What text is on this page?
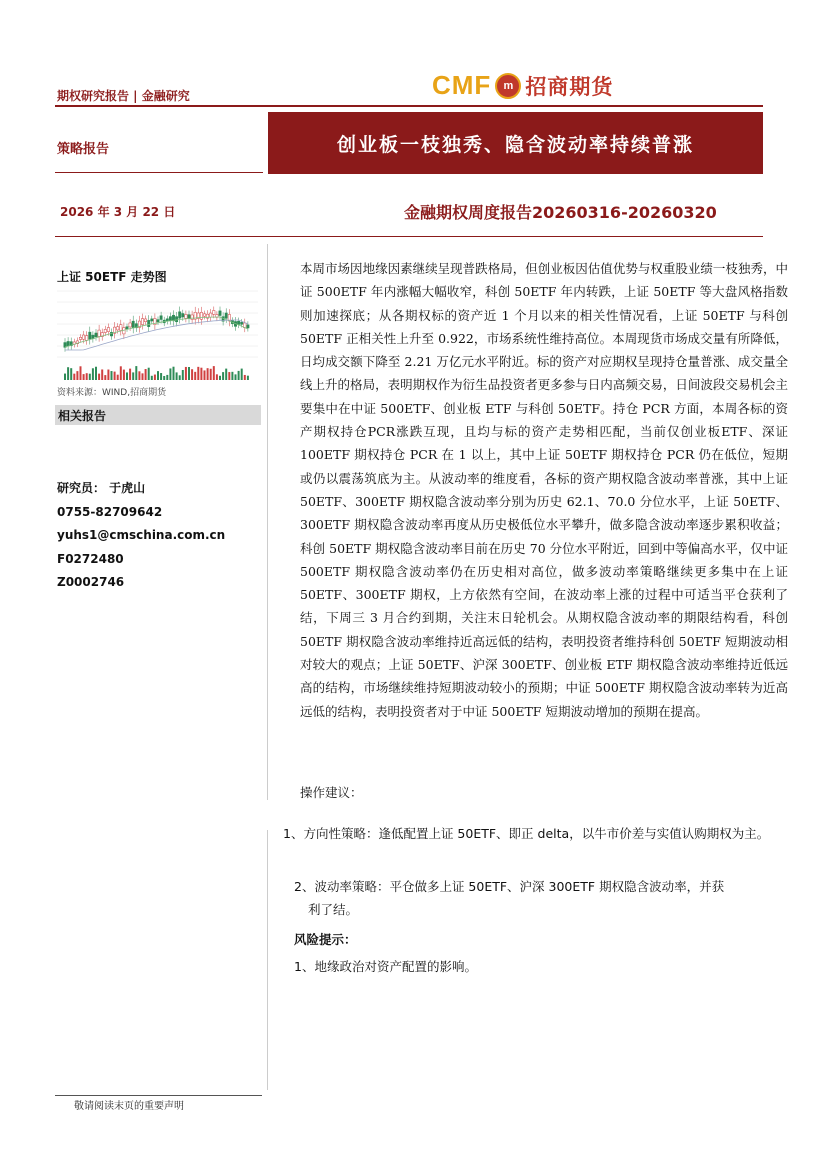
期权研究报告 | 金融研究	CMF	m 招商期货
策略报告	创业板一枝独秀、隐含波动率持续普涨
2026 年 3 月 22 日	金融期权周度报告20260316-20260320
上证 50ETF 走势图
资料来源：WIND,招商期货
相关报告
研究员： 于虎山
0755-82709642
yuhs1@cmschina.com.cn
F0272480
Z0002746
本周市场因地缘因素继续呈现普跌格局，但创业板因估值优势与权重股业绩一枝独秀，中证 500ETF 年内涨幅大幅收窄，科创 50ETF 年内转跌，上证 50ETF 等大盘风格指数则加速探底；从各期权标的资产近 1 个月以来的相关性情况看，上证 50ETF 与科创 50ETF 正相关性上升至 0.922，市场系统性维持高位。本周现货市场成交量有所降低，日均成交额下降至 2.21 万亿元水平附近。标的资产对应期权呈现持仓量普涨、成交量全线上升的格局，表明期权作为衍生品投资者更多参与日内高频交易，日间波段交易机会主要集中在中证 500ETF、创业板 ETF 与科创 50ETF。持仓 PCR 方面，本周各标的资产期权持仓PCR涨跌互现，且均与标的资产走势相匹配，当前仅创业板ETF、深证100ETF 期权持仓 PCR 在 1 以上，其中上证 50ETF 期权持仓 PCR 仍在低位，短期或仍以震荡筑底为主。从波动率的维度看，各标的资产期权隐含波动率普涨，其中上证 50ETF、300ETF 期权隐含波动率分别为历史 62.1、70.0 分位水平，上证 50ETF、300ETF 期权隐含波动率再度从历史极低位水平攀升，做多隐含波动率逐步累积收益；科创 50ETF 期权隐含波动率目前在历史 70 分位水平附近，回到中等偏高水平，仅中证 500ETF 期权隐含波动率仍在历史相对高位，做多波动率策略继续更多集中在上证 50ETF、300ETF 期权，上方依然有空间，在波动率上涨的过程中可适当平仓获利了结，下周三 3 月合约到期，关注末日轮机会。从期权隐含波动率的期限结构看，科创 50ETF 期权隐含波动率维持近高远低的结构，表明投资者维持科创 50ETF 短期波动相对较大的观点；上证 50ETF、沪深 300ETF、创业板 ETF 期权隐含波动率维持近低远高的结构，市场继续维持短期波动较小的预期；中证 500ETF 期权隐含波动率转为近高远低的结构，表明投资者对于中证 500ETF 短期波动增加的预期在提高。
操作建议：
1、方向性策略：逢低配置上证 50ETF、即正 delta，以牛市价差与实值认购期权为主。
2、波动率策略：平仓做多上证 50ETF、沪深 300ETF 期权隐含波动率，并获
利了结。
风险提示：
1、地缘政治对资产配置的影响。
敬请阅读末页的重要声明
